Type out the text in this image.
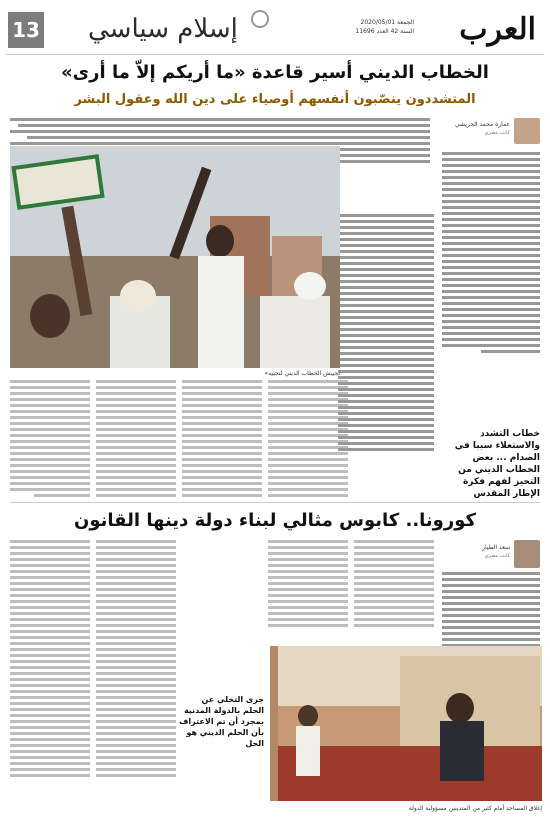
العرب
الجمعة 2020/05/01
السنة 42 العدد 11696
إسلام سياسي
13
الخطاب الديني أسير قاعدة «ما أريكم إلاّ ما أرى»
المتشددون ينصّبون أنفسهم أوصياء على دين الله وعقول البشر
عمارة محمد الجريشي
كاتب مصري
تجييش الخطاب الديني لتجييه»
خطاب التشدد والاستعلاء سببا في الصدام ... بعض الخطاب الديني من التحيز لفهم فكرة الإطار المقدس
كورونا.. كابوس مثالي لبناء دولة دينها القانون
سعد الطيار
كاتب مصري
جرى التخلي عن الحلم بالدولة المدنية بمجرد أن تم الاعتراف بأن الحلم الديني هو الحل
إغلاق المساجد أمام كثير من المتدينين مسؤولية الدولة
